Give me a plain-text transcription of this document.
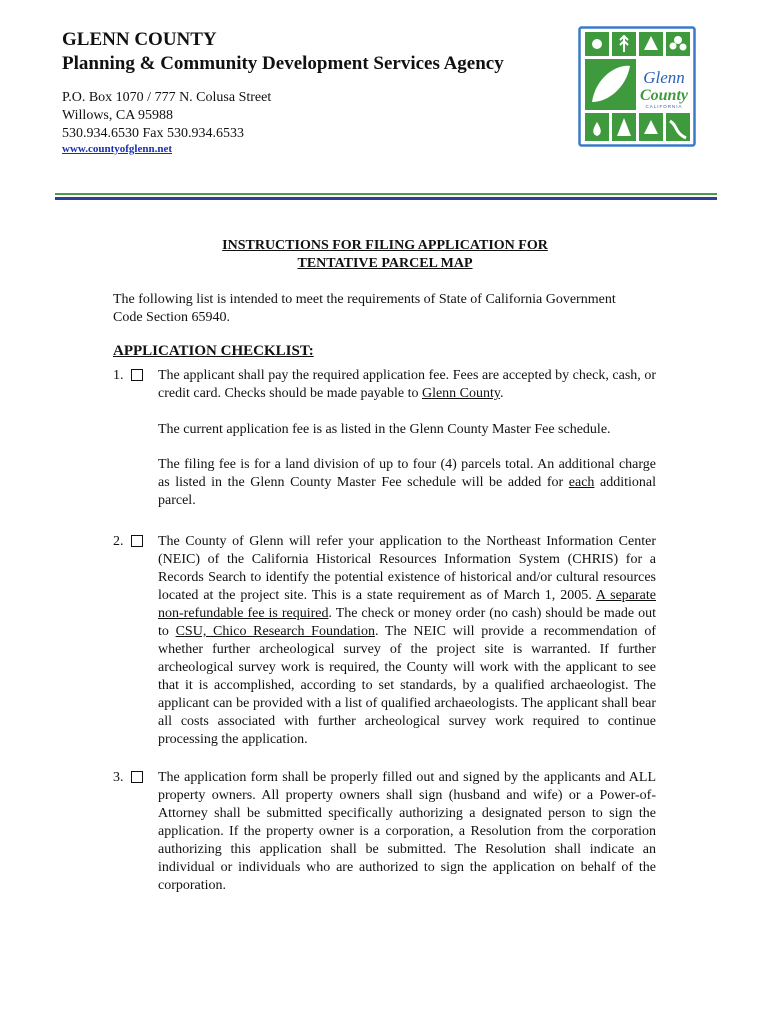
GLENN COUNTY
Planning & Community Development Services Agency
P.O. Box 1070 / 777 N. Colusa Street
Willows, CA 95988
530.934.6530 Fax 530.934.6533
www.countyofglenn.net
Glenn
County
CALIFORNIA
INSTRUCTIONS FOR FILING APPLICATION FOR
TENTATIVE PARCEL MAP
The following list is intended to meet the requirements of State of California Government
Code Section 65940.
APPLICATION CHECKLIST:
1. The applicant shall pay the required application fee. Fees are accepted by check, cash, or credit card. Checks should be made payable to Glenn County.
The current application fee is as listed in the Glenn County Master Fee schedule.
The filing fee is for a land division of up to four (4) parcels total. An additional charge as listed in the Glenn County Master Fee schedule will be added for each additional parcel.
2. The County of Glenn will refer your application to the Northeast Information Center (NEIC) of the California Historical Resources Information System (CHRIS) for a Records Search to identify the potential existence of historical and/or cultural resources located at the project site. This is a state requirement as of March 1, 2005. A separate non-refundable fee is required. The check or money order (no cash) should be made out to CSU, Chico Research Foundation. The NEIC will provide a recommendation of whether further archeological survey of the project site is warranted. If further archeological survey work is required, the County will work with the applicant to see that it is accomplished, according to set standards, by a qualified archaeologist. The applicant can be provided with a list of qualified archaeologists. The applicant shall bear all costs associated with further archeological survey work required to continue processing the application.
3. The application form shall be properly filled out and signed by the applicants and ALL property owners. All property owners shall sign (husband and wife) or a Power-of-Attorney shall be submitted specifically authorizing a designated person to sign the application. If the property owner is a corporation, a Resolution from the corporation authorizing this application shall be submitted. The Resolution shall indicate an individual or individuals who are authorized to sign the application on behalf of the corporation.
